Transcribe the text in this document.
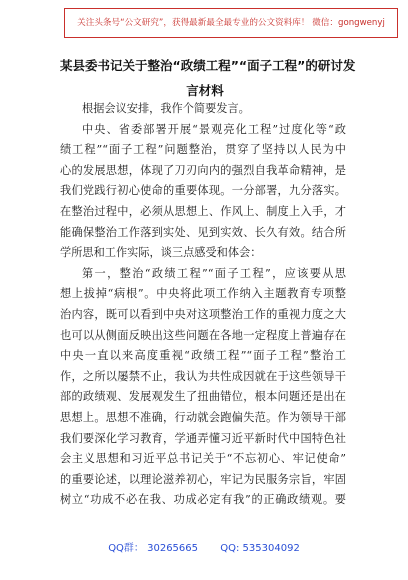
关注头条号“公文研究”，获得最新最全最专业的公文资料库！ 微信：gongwenyj
某县委书记关于整治“政绩工程”“面子工程”的研讨发
言材料
根据会议安排，我作个简要发言。
中央、省委部署开展“景观亮化工程”过度化等“政
绩工程”“面子工程”问题整治，贯穿了坚持以人民为中
心的发展思想，体现了刀刃向内的强烈自我革命精神，是
我们党践行初心使命的重要体现。一分部署，九分落实。
在整治过程中，必须从思想上、作风上、制度上入手，才
能确保整治工作落到实处、见到实效、长久有效。结合所
学所思和工作实际，谈三点感受和体会：
第一，整治“政绩工程”“面子工程”，应该要从思
想上拔掉“病根”。中央将此项工作纳入主题教育专项整
治内容，既可以看到中央对这项整治工作的重视力度之大
也可以从侧面反映出这些问题在各地一定程度上普遍存在
中央一直以来高度重视“政绩工程”“面子工程”整治工
作，之所以屡禁不止，我认为共性成因就在于这些领导干
部的政绩观、发展观发生了扭曲错位，根本问题还是出在
思想上。思想不准确，行动就会跑偏失范。作为领导干部
我们要深化学习教育，学通弄懂习近平新时代中国特色社
会主义思想和习近平总书记关于“不忘初心、牢记使命”
的重要论述，以理论滋养初心，牢记为民服务宗旨，牢固
树立“功成不必在我、功成必定有我”的正确政绩观。要
QQ群： 30265665       QQ: 535304092
